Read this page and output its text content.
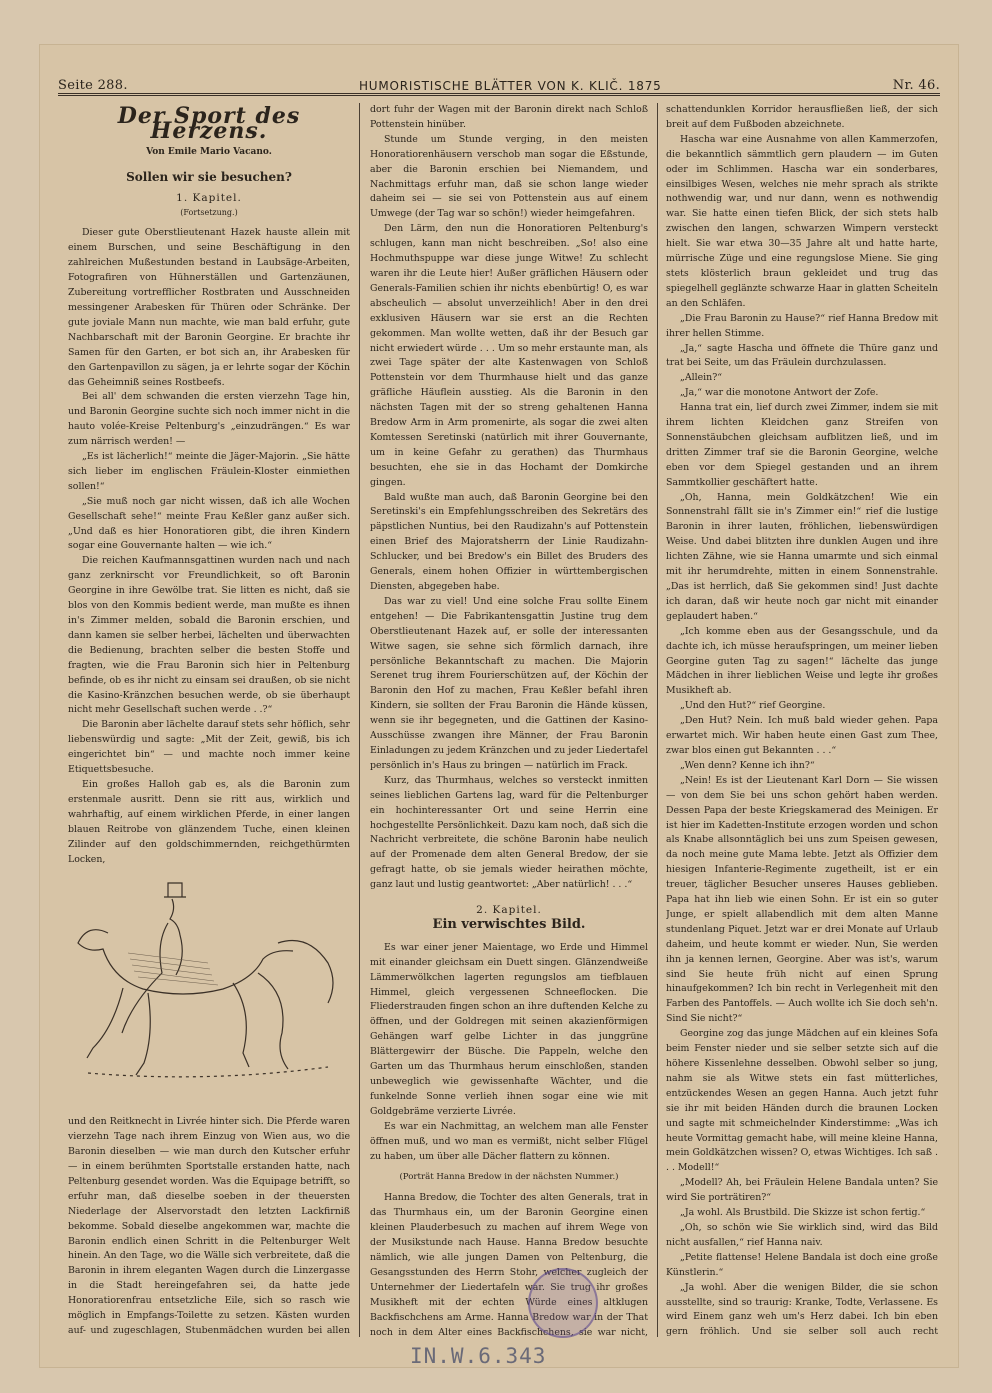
Seite 288.	HUMORISTISCHE BLÄTTER VON K. KLIČ. 1875	Nr. 46.
Der Sport des Herzens.
Von Emile Mario Vacano.
Sollen wir sie besuchen?
1. Kapitel.
(Fortsetzung.)

Dieser gute Oberstlieutenant Hazek hauste allein mit einem Burschen, und seine Beschäftigung in den zahlreichen Mußestunden bestand in Laubsäge-Arbeiten, Fotografiren von Hühnerställen und Gartenzäunen, Zubereitung vortrefflicher Rostbraten und Ausschneiden messingener Arabesken für Thüren oder Schränke. Der gute joviale Mann nun machte, wie man bald erfuhr, gute Nachbarschaft mit der Baronin Georgine. Er brachte ihr Samen für den Garten, er bot sich an, ihr Arabesken für den Gartenpavillon zu sägen, ja er lehrte sogar der Köchin das Geheimniß seines Rostbeefs.

Bei all' dem schwanden die ersten vierzehn Tage hin, und Baronin Georgine suchte sich noch immer nicht in die hauto volée-Kreise Peltenburg's „einzudrängen.“ Es war zum närrisch werden! —

„Es ist lächerlich!“ meinte die Jäger-Majorin. „Sie hätte sich lieber im englischen Fräulein-Kloster einmiethen sollen!“

„Sie muß noch gar nicht wissen, daß ich alle Wochen Gesellschaft sehe!“ meinte Frau Keßler ganz außer sich. „Und daß es hier Honoratioren gibt, die ihren Kindern sogar eine Gouvernante halten — wie ich.“

Die reichen Kaufmannsgattinen wurden nach und nach ganz zerknirscht vor Freundlichkeit, so oft Baronin Georgine in ihre Gewölbe trat. Sie litten es nicht, daß sie blos von den Kommis bedient werde, man mußte es ihnen in's Zimmer melden, sobald die Baronin erschien, und dann kamen sie selber herbei, lächelten und überwachten die Bedienung, brachten selber die besten Stoffe und fragten, wie die Frau Baronin sich hier in Peltenburg befinde, ob es ihr nicht zu einsam sei draußen, ob sie nicht die Kasino-Kränzchen besuchen werde, ob sie überhaupt nicht mehr Gesellschaft suchen werde . .?“

Die Baronin aber lächelte darauf stets sehr höflich, sehr liebenswürdig und sagte: „Mit der Zeit, gewiß, bis ich eingerichtet bin“ — und machte noch immer keine Etiquettsbesuche.

Ein großes Halloh gab es, als die Baronin zum erstenmale ausritt. Denn sie ritt aus, wirklich und wahrhaftig, auf einem wirklichen Pferde, in einer langen blauen Reitrobe von glänzendem Tuche, einen kleinen Zilinder auf den goldschimmernden, reichgethürmten Locken,

und den Reitknecht in Livrée hinter sich. Die Pferde waren vierzehn Tage nach ihrem Einzug von Wien aus, wo die Baronin dieselben — wie man durch den Kutscher erfuhr — in einem berühmten Sportstalle erstanden hatte, nach Peltenburg gesendet worden. Was die Equipage betrifft, so erfuhr man, daß dieselbe soeben in der theuersten Niederlage der Alservorstadt den letzten Lackfirniß bekomme. Sobald dieselbe angekommen war, machte die Baronin endlich einen Schritt in die Peltenburger Welt hinein. An den Tage, wo die Wälle sich verbreitete, daß die Baronin in ihrem eleganten Wagen durch die Linzergasse in die Stadt hereingefahren sei, da hatte jede Honoratiorenfrau entsetzliche Eile, sich so rasch wie möglich in Empfangs-Toilette zu setzen. Kästen wurden auf- und zugeschlagen, Stubenmädchen wurden bei allen

dort fuhr der Wagen mit der Baronin direkt nach Schloß Pottenstein hinüber.

Stunde um Stunde verging, in den meisten Honoratiorenhäusern verschob man sogar die Eßstunde, aber die Baronin erschien bei Niemandem, und Nachmittags erfuhr man, daß sie schon lange wieder daheim sei — sie sei von Pottenstein aus auf einem Umwege (der Tag war so schön!) wieder heimgefahren.

Den Lärm, den nun die Honoratioren Peltenburg's schlugen, kann man nicht beschreiben. „So! also eine Hochmuthspuppe war diese junge Witwe! Zu schlecht waren ihr die Leute hier! Außer gräflichen Häusern oder Generals-Familien schien ihr nichts ebenbürtig! O, es war abscheulich — absolut unverzeihlich! Aber in den drei exklusiven Häusern war sie erst an die Rechten gekommen. Man wollte wetten, daß ihr der Besuch gar nicht erwiedert würde . . . Um so mehr erstaunte man, als zwei Tage später der alte Kastenwagen von Schloß Pottenstein vor dem Thurmhause hielt und das ganze gräfliche Häuflein ausstieg. Als die Baronin in den nächsten Tagen mit der so streng gehaltenen Hanna Bredow Arm in Arm promenirte, als sogar die zwei alten Komtessen Seretinski (natürlich mit ihrer Gouvernante, um in keine Gefahr zu gerathen) das Thurmhaus besuchten, ehe sie in das Hochamt der Domkirche gingen.

Bald wußte man auch, daß Baronin Georgine bei den Seretinski's ein Empfehlungsschreiben des Sekretärs des päpstlichen Nuntius, bei den Raudizahn's auf Pottenstein einen Brief des Majoratsherrn der Linie Raudizahn-Schlucker, und bei Bredow's ein Billet des Bruders des Generals, einem hohen Offizier in württembergischen Diensten, abgegeben habe.

Das war zu viel! Und eine solche Frau sollte Einem entgehen! — Die Fabrikantensgattin Justine trug dem Oberstlieutenant Hazek auf, er solle der interessanten Witwe sagen, sie sehne sich förmlich darnach, ihre persönliche Bekanntschaft zu machen. Die Majorin Serenet trug ihrem Fourierschützen auf, der Köchin der Baronin den Hof zu machen, Frau Keßler befahl ihren Kindern, sie sollten der Frau Baronin die Hände küssen, wenn sie ihr begegneten, und die Gattinen der Kasino-Ausschüsse zwangen ihre Männer, der Frau Baronin Einladungen zu jedem Kränzchen und zu jeder Liedertafel persönlich in's Haus zu bringen — natürlich im Frack.

Kurz, das Thurmhaus, welches so versteckt inmitten seines lieblichen Gartens lag, ward für die Peltenburger ein hochinteressanter Ort und seine Herrin eine hochgestellte Persönlichkeit. Dazu kam noch, daß sich die Nachricht verbreitete, die schöne Baronin habe neulich auf der Promenade dem alten General Bredow, der sie gefragt hatte, ob sie jemals wieder heirathen möchte, ganz laut und lustig geantwortet: „Aber natürlich! . . .“

2. Kapitel.
Ein verwischtes Bild.

Es war einer jener Maientage, wo Erde und Himmel mit einander gleichsam ein Duett singen. Glänzendweiße Lämmerwölkchen lagerten regungslos am tiefblauen Himmel, gleich vergessenen Schneeflocken. Die Fliederstrauden fingen schon an ihre duftenden Kelche zu öffnen, und der Goldregen mit seinen akazienförmigen Gehängen warf gelbe Lichter in das junggrüne Blättergewirr der Büsche. Die Pappeln, welche den Garten um das Thurmhaus herum einschloßen, standen unbeweglich wie gewissenhafte Wächter, und die funkelnde Sonne verlieh ihnen sogar eine wie mit Goldgebräme verzierte Livrée.

Es war ein Nachmittag, an welchem man alle Fenster öffnen muß, und wo man es vermißt, nicht selber Flügel zu haben, um über alle Dächer flattern zu können.

(Porträt Hanna Bredow in der nächsten Nummer.)

Hanna Bredow, die Tochter des alten Generals, trat in das Thurmhaus ein, um der Baronin Georgine einen kleinen Plauderbesuch zu machen auf ihrem Wege von der Musikstunde nach Hause. Hanna Bredow besuchte nämlich, wie alle jungen Damen von Peltenburg, die Gesangsstunden des Herrn Stohr, welcher zugleich der Unternehmer der Liedertafeln war. Sie trug ihr großes Musikheft mit der echten Würde eines altklugen Backfischchens am Arme. Hanna Bredow war in der That noch in dem Alter eines Backfischchens, sie war nicht,

schattendunklen Korridor herausfließen ließ, der sich breit auf dem Fußboden abzeichnete.

Hascha war eine Ausnahme von allen Kammerzofen, die bekanntlich sämmtlich gern plaudern — im Guten oder im Schlimmen. Hascha war ein sonderbares, einsilbiges Wesen, welches nie mehr sprach als strikte nothwendig war, und nur dann, wenn es nothwendig war. Sie hatte einen tiefen Blick, der sich stets halb zwischen den langen, schwarzen Wimpern versteckt hielt. Sie war etwa 30—35 Jahre alt und hatte harte, mürrische Züge und eine regungslose Miene. Sie ging stets klösterlich braun gekleidet und trug das spiegelhell geglänzte schwarze Haar in glatten Scheiteln an den Schläfen.

„Die Frau Baronin zu Hause?“ rief Hanna Bredow mit ihrer hellen Stimme.

„Ja,“ sagte Hascha und öffnete die Thüre ganz und trat bei Seite, um das Fräulein durchzulassen.

„Allein?“

„Ja,“ war die monotone Antwort der Zofe.

Hanna trat ein, lief durch zwei Zimmer, indem sie mit ihrem lichten Kleidchen ganz Streifen von Sonnenstäubchen gleichsam aufblitzen ließ, und im dritten Zimmer traf sie die Baronin Georgine, welche eben vor dem Spiegel gestanden und an ihrem Sammtkollier geschäftert hatte.

„Oh, Hanna, mein Goldkätzchen! Wie ein Sonnenstrahl fällt sie in's Zimmer ein!“ rief die lustige Baronin in ihrer lauten, fröhlichen, liebenswürdigen Weise. Und dabei blitzten ihre dunklen Augen und ihre lichten Zähne, wie sie Hanna umarmte und sich einmal mit ihr herumdrehte, mitten in einem Sonnenstrahle. „Das ist herrlich, daß Sie gekommen sind! Just dachte ich daran, daß wir heute noch gar nicht mit einander geplaudert haben.“

„Ich komme eben aus der Gesangsschule, und da dachte ich, ich müsse heraufspringen, um meiner lieben Georgine guten Tag zu sagen!“ lächelte das junge Mädchen in ihrer lieblichen Weise und legte ihr großes Musikheft ab.

„Und den Hut?“ rief Georgine.

„Den Hut? Nein. Ich muß bald wieder gehen. Papa erwartet mich. Wir haben heute einen Gast zum Thee, zwar blos einen gut Bekannten . . .“

„Wen denn? Kenne ich ihn?“

„Nein! Es ist der Lieutenant Karl Dorn — Sie wissen — von dem Sie bei uns schon gehört haben werden. Dessen Papa der beste Kriegskamerad des Meinigen. Er ist hier im Kadetten-Institute erzogen worden und schon als Knabe allsonntäglich bei uns zum Speisen gewesen, da noch meine gute Mama lebte. Jetzt als Offizier dem hiesigen Infanterie-Regimente zugetheilt, ist er ein treuer, täglicher Besucher unseres Hauses geblieben. Papa hat ihn lieb wie einen Sohn. Er ist ein so guter Junge, er spielt allabendlich mit dem alten Manne stundenlang Piquet. Jetzt war er drei Monate auf Urlaub daheim, und heute kommt er wieder. Nun, Sie werden ihn ja kennen lernen, Georgine. Aber was ist's, warum sind Sie heute früh nicht auf einen Sprung hinaufgekommen? Ich bin recht in Verlegenheit mit den Farben des Pantoffels. — Auch wollte ich Sie doch seh'n. Sind Sie nicht?“

Georgine zog das junge Mädchen auf ein kleines Sofa beim Fenster nieder und sie selber setzte sich auf die höhere Kissenlehne desselben. Obwohl selber so jung, nahm sie als Witwe stets ein fast mütterliches, entzückendes Wesen an gegen Hanna. Auch jetzt fuhr sie ihr mit beiden Händen durch die braunen Locken und sagte mit schmeichelnder Kinderstimme: „Was ich heute Vormittag gemacht habe, will meine kleine Hanna, mein Goldkätzchen wissen? O, etwas Wichtiges. Ich saß . . . Modell!“

„Modell? Ah, bei Fräulein Helene Bandala unten? Sie wird Sie porträtiren?“

„Ja wohl. Als Brustbild. Die Skizze ist schon fertig.“

„Oh, so schön wie Sie wirklich sind, wird das Bild nicht ausfallen,“ rief Hanna naiv.

„Petite flattense! Helene Bandala ist doch eine große Künstlerin.“

„Ja wohl. Aber die wenigen Bilder, die sie schon ausstellte, sind so traurig: Kranke, Todte, Verlassene. Es wird Einem ganz weh um's Herz dabei. Ich bin eben gern fröhlich. Und sie selber soll auch recht

IN.W.6.343
